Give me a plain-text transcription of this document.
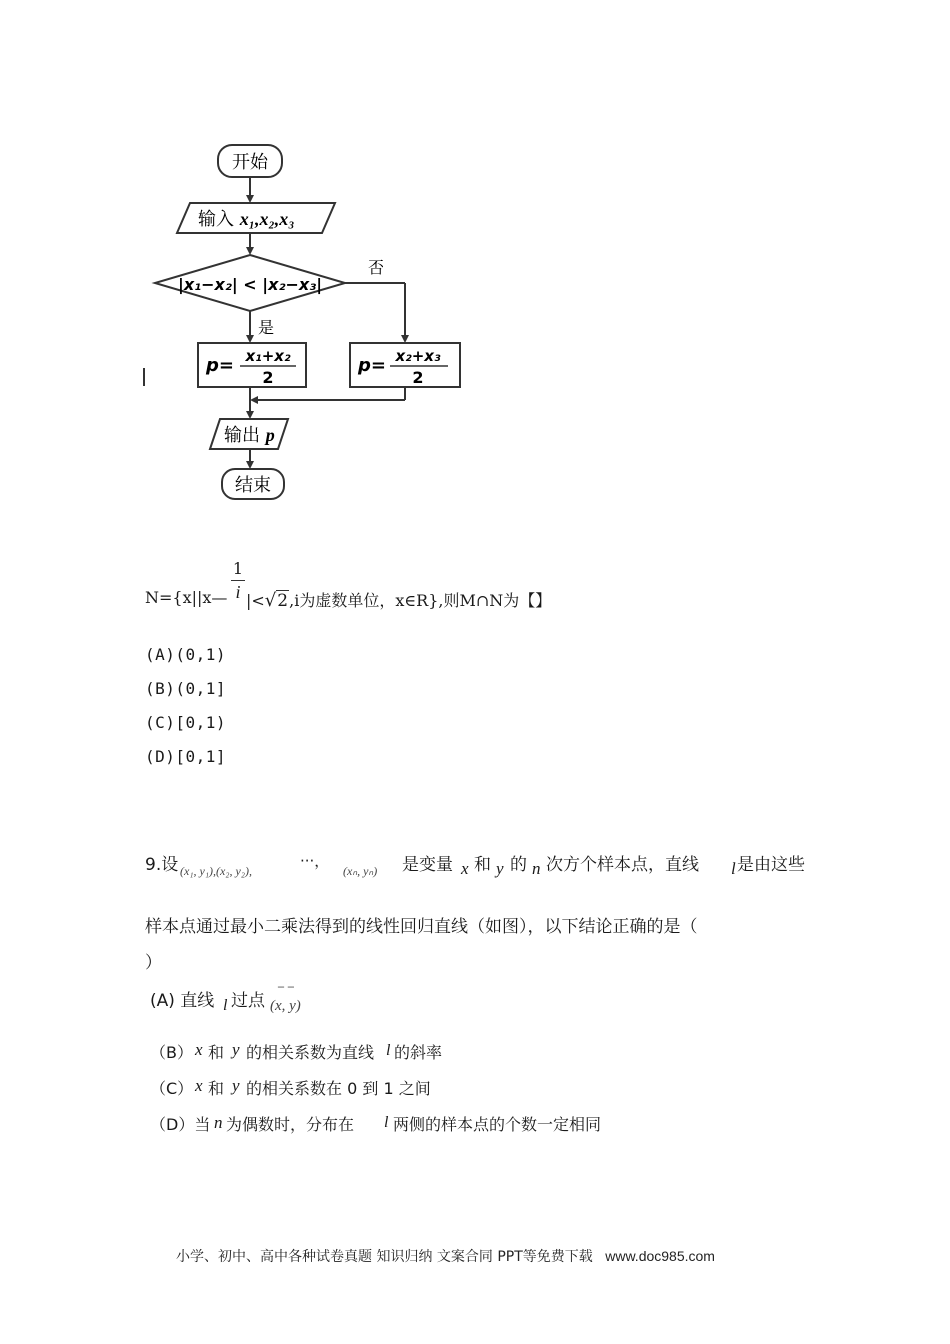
开始
输入 x₁,x₂,x₃
|x₁−x₂| < |x₂−x₃|
否
是
p= x₁+x₂
2
p= x₂+x₃
2
输出 p
结束
N={x||x—
1
i |<√2,i为虚数单位，x∈R},则M∩N为【】
(A)(0,1)
(B)(0,1]
(C)[0,1)
(D)[0,1]
9.设 (x₁, y₁),(x₂, y₂),
···，
(xₙ, yₙ) 是变量 x 和 y 的 n 次方个样本点，直线 l 是由这些
样本点通过最小二乘法得到的线性回归直线（如图），以下结论正确的是（
）
(A) 直线 l 过点 ‾ ‾
(x, y)
（B） x 和 y 的相关系数为直线 l 的斜率
（C） x 和 y 的相关系数在 0 到 1 之间
（D）当 n 为偶数时，分布在 l 两侧的样本点的个数一定相同
小学、初中、高中各种试卷真题 知识归纳 文案合同 PPT等免费下载 www.doc985.com
